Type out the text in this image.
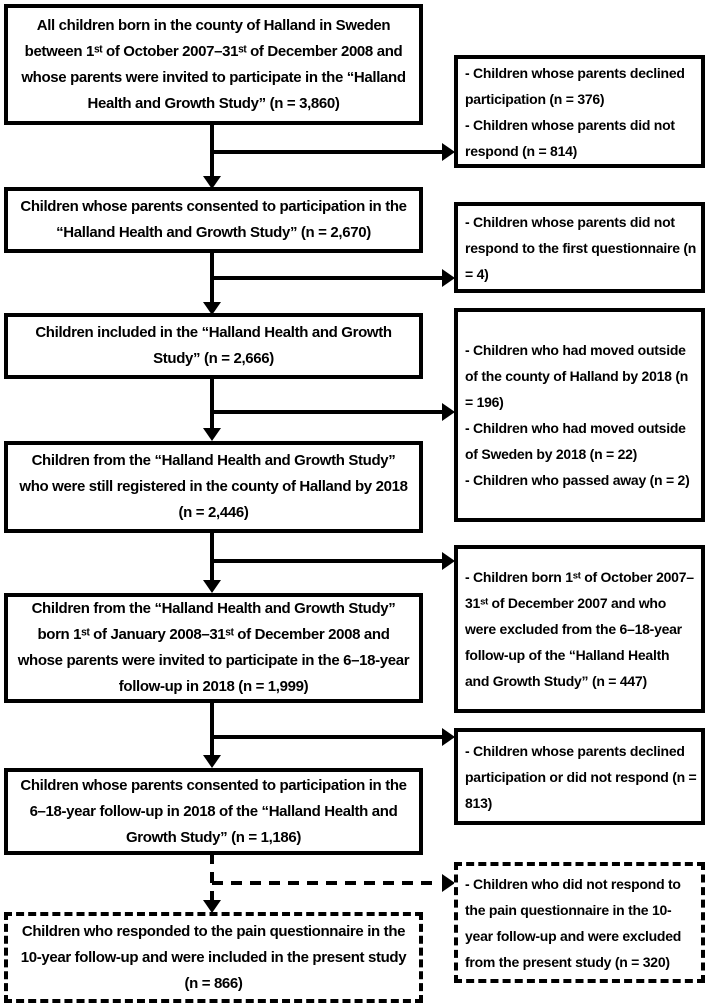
All children born in the county of Halland in Sweden between 1ˢᵗ of October 2007–31ˢᵗ of December 2008 and whose parents were invited to participate in the “Halland Health and Growth Study” (n = 3,860)
Children whose parents consented to participation in the “Halland Health and Growth Study” (n = 2,670)
Children included in the “Halland Health and Growth Study” (n = 2,666)
Children from the “Halland Health and Growth Study” who were still registered in the county of Halland by 2018 (n = 2,446)
Children from the “Halland Health and Growth Study” born 1ˢᵗ of January 2008–31ˢᵗ of December 2008 and whose parents were invited to participate in the 6–18-year follow-up in 2018 (n = 1,999)
Children whose parents consented to participation in the 6–18-year follow-up in 2018 of the “Halland Health and Growth Study” (n = 1,186)
Children who responded to the pain questionnaire in the 10-year follow-up and were included in the present study (n = 866)
- Children whose parents declined participation (n = 376)
- Children whose parents did not respond (n = 814)
- Children whose parents did not respond to the first questionnaire (n = 4)
- Children who had moved outside of the county of Halland by 2018 (n = 196)
- Children who had moved outside of Sweden by 2018 (n = 22)
- Children who passed away (n = 2)
- Children born 1ˢᵗ of October 2007–31ˢᵗ of December 2007 and who were excluded from the 6–18-year follow-up of the “Halland Health and Growth Study” (n = 447)
- Children whose parents declined participation or did not respond (n = 813)
- Children who did not respond to the pain questionnaire in the 10-year follow-up and were excluded from the present study (n = 320)
